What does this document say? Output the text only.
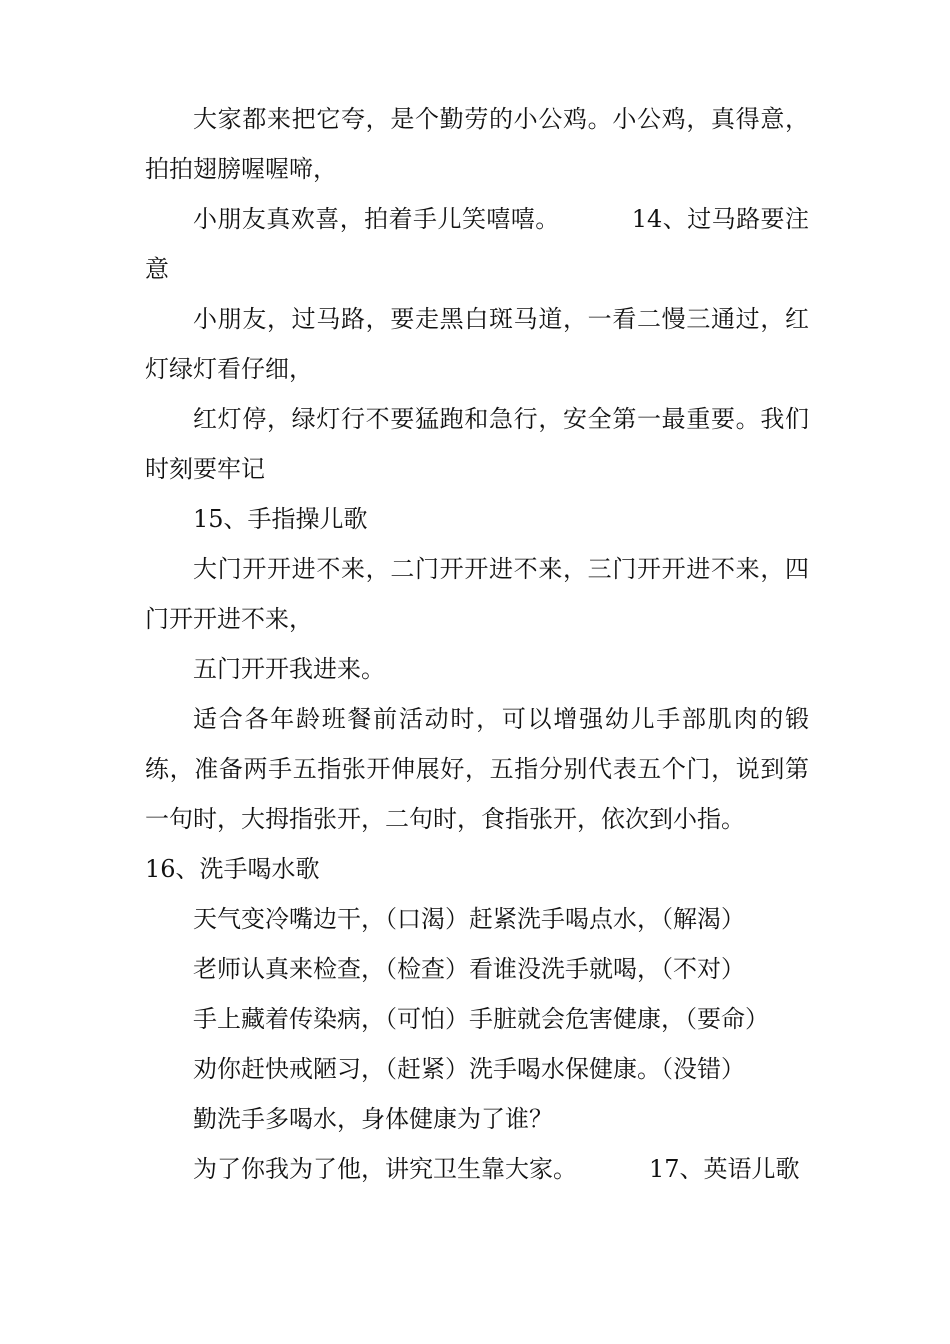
大家都来把它夸，是个勤劳的小公鸡。小公鸡，真得意，拍拍翅膀喔喔啼，

小朋友真欢喜，拍着手儿笑嘻嘻。	14、过马路要注意

小朋友，过马路，要走黑白斑马道，一看二慢三通过，红灯绿灯看仔细，

红灯停，绿灯行不要猛跑和急行，安全第一最重要。我们时刻要牢记

15、手指操儿歌

大门开开进不来，二门开开进不来，三门开开进不来，四门开开进不来，

五门开开我进来。

适合各年龄班餐前活动时，可以增强幼儿手部肌肉的锻练，准备两手五指张开伸展好，五指分别代表五个门，说到第一句时，大拇指张开，二句时，食指张开，依次到小指。

16、洗手喝水歌

天气变冷嘴边干，（口渴）赶紧洗手喝点水，（解渴）

老师认真来检查，（检查）看谁没洗手就喝，（不对）

手上藏着传染病，（可怕）手脏就会危害健康，（要命）

劝你赶快戒陋习，（赶紧）洗手喝水保健康。（没错）

勤洗手多喝水，身体健康为了谁？

为了你我为了他，讲究卫生靠大家。	17、英语儿歌
